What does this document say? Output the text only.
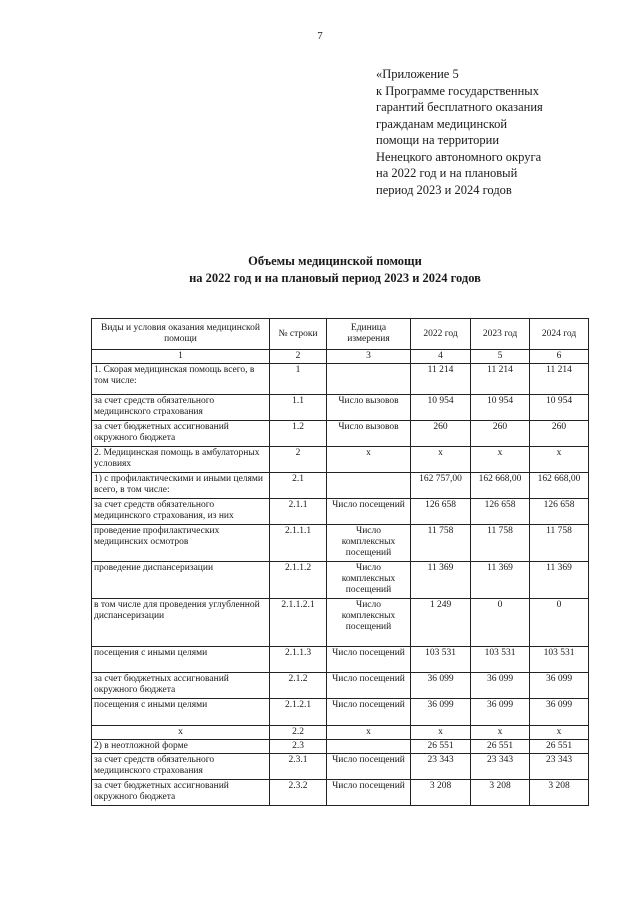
7
«Приложение 5
к Программе государственных
гарантий бесплатного оказания
гражданам медицинской
помощи на территории
Ненецкого автономного округа
на 2022 год и на плановый
период 2023 и 2024 годов
Объемы медицинской помощи
на 2022 год и на плановый период 2023 и 2024 годов
Виды и условия оказания медицинской помощи	№ строки	Единица измерения	2022 год	2023 год	2024 год
1	2	3	4	5	6
1. Скорая медицинская помощь всего, в том числе:	1		11 214	11 214	11 214
за счет средств обязательного медицинского страхования	1.1	Число вызовов	10 954	10 954	10 954
за счет бюджетных ассигнований окружного бюджета	1.2	Число вызовов	260	260	260
2. Медицинская помощь в амбулаторных условиях	2	х	х	х	х
1) с профилактическими и иными целями всего, в том числе:	2.1		162 757,00	162 668,00	162 668,00
за счет средств обязательного медицинского страхования, из них	2.1.1	Число посещений	126 658	126 658	126 658
проведение профилактических медицинских осмотров	2.1.1.1	Число комплексных посещений	11 758	11 758	11 758
проведение диспансеризации	2.1.1.2	Число комплексных посещений	11 369	11 369	11 369
в том числе для проведения углубленной диспансеризации	2.1.1.2.1	Число комплексных посещений	1 249	0	0
посещения с иными целями	2.1.1.3	Число посещений	103 531	103 531	103 531
за счет бюджетных ассигнований окружного бюджета	2.1.2	Число посещений	36 099	36 099	36 099
посещения с иными целями	2.1.2.1	Число посещений	36 099	36 099	36 099
х	2.2	х	х	х	х
2) в неотложной форме	2.3		26 551	26 551	26 551
за счет средств обязательного медицинского страхования	2.3.1	Число посещений	23 343	23 343	23 343
за счет бюджетных ассигнований окружного бюджета	2.3.2	Число посещений	3 208	3 208	3 208
